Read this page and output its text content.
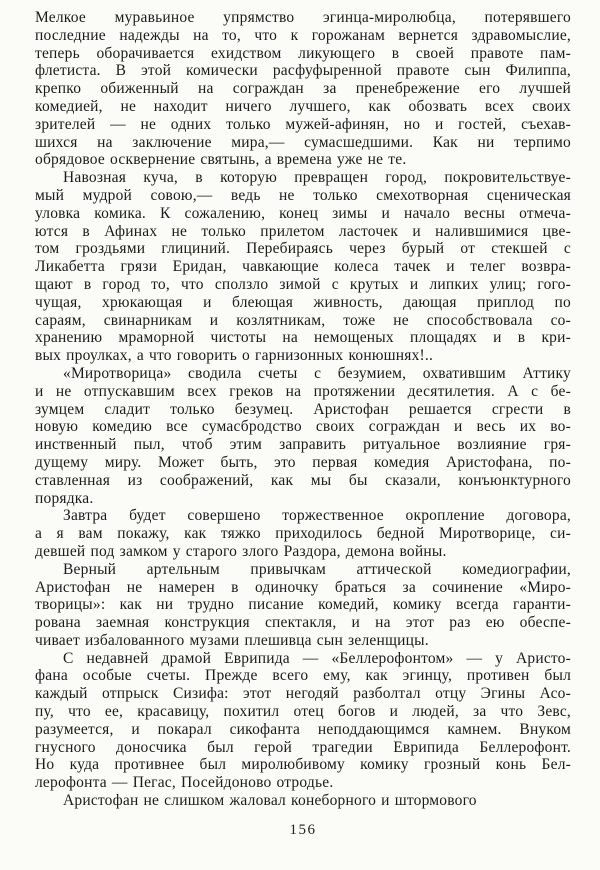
Мелкое муравьиное упрямство эгинца-миролюбца, потерявшего
последние надежды на то, что к горожанам вернется здравомыслие,
теперь оборачивается ехидством ликующего в своей правоте пам-
флетиста. В этой комически расфуфыренной правоте сын Филиппа,
крепко обиженный на сограждан за пренебрежение его лучшей
комедией, не находит ничего лучшего, как обозвать всех своих
зрителей — не одних только мужей-афинян, но и гостей, съехав-
шихся на заключение мира,— сумасшедшими. Как ни терпимо
обрядовое осквернение святынь, а времена уже не те.
Навозная куча, в которую превращен город, покровительствуе-
мый мудрой совою,— ведь не только смехотворная сценическая
уловка комика. К сожалению, конец зимы и начало весны отмеча-
ются в Афинах не только прилетом ласточек и налившимися цве-
том гроздьями глициний. Перебираясь через бурый от стекшей с
Ликабетта грязи Еридан, чавкающие колеса тачек и телег возвра-
щают в город то, что сползло зимой с крутых и липких улиц; гого-
чущая, хрюкающая и блеющая живность, дающая приплод по
сараям, свинарникам и козлятникам, тоже не способствовала со-
хранению мраморной чистоты на немощеных площадях и в кри-
вых проулках, а что говорить о гарнизонных конюшнях!..
«Миротворица» сводила счеты с безумием, охватившим Аттику
и не отпускавшим всех греков на протяжении десятилетия. А с бе-
зумцем сладит только безумец. Аристофан решается сгрести в
новую комедию все сумасбродство своих сограждан и весь их во-
инственный пыл, чтоб этим заправить ритуальное возлияние гря-
дущему миру. Может быть, это первая комедия Аристофана, по-
ставленная из соображений, как мы бы сказали, конъюнктурного
порядка.
Завтра будет совершено торжественное окропление договора,
а я вам покажу, как тяжко приходилось бедной Миротворице, си-
девшей под замком у старого злого Раздора, демона войны.
Верный артельным привычкам аттической комедиографии,
Аристофан не намерен в одиночку браться за сочинение «Миро-
творицы»: как ни трудно писание комедий, комику всегда гаранти-
рована заемная конструкция спектакля, и на этот раз ею обеспе-
чивает избалованного музами плешивца сын зеленщицы.
С недавней драмой Еврипида — «Беллерофонтом» — у Аристо-
фана особые счеты. Прежде всего ему, как эгинцу, противен был
каждый отпрыск Сизифа: этот негодяй разболтал отцу Эгины Асо-
пу, что ее, красавицу, похитил отец богов и людей, за что Зевс,
разумеется, и покарал сикофанта неподдающимся камнем. Внуком
гнусного доносчика был герой трагедии Еврипида Беллерофонт.
Но куда противнее был миролюбивому комику грозный конь Бел-
лерофонта — Пегас, Посейдоново отродье.
Аристофан не слишком жаловал конеборного и штормового
156
